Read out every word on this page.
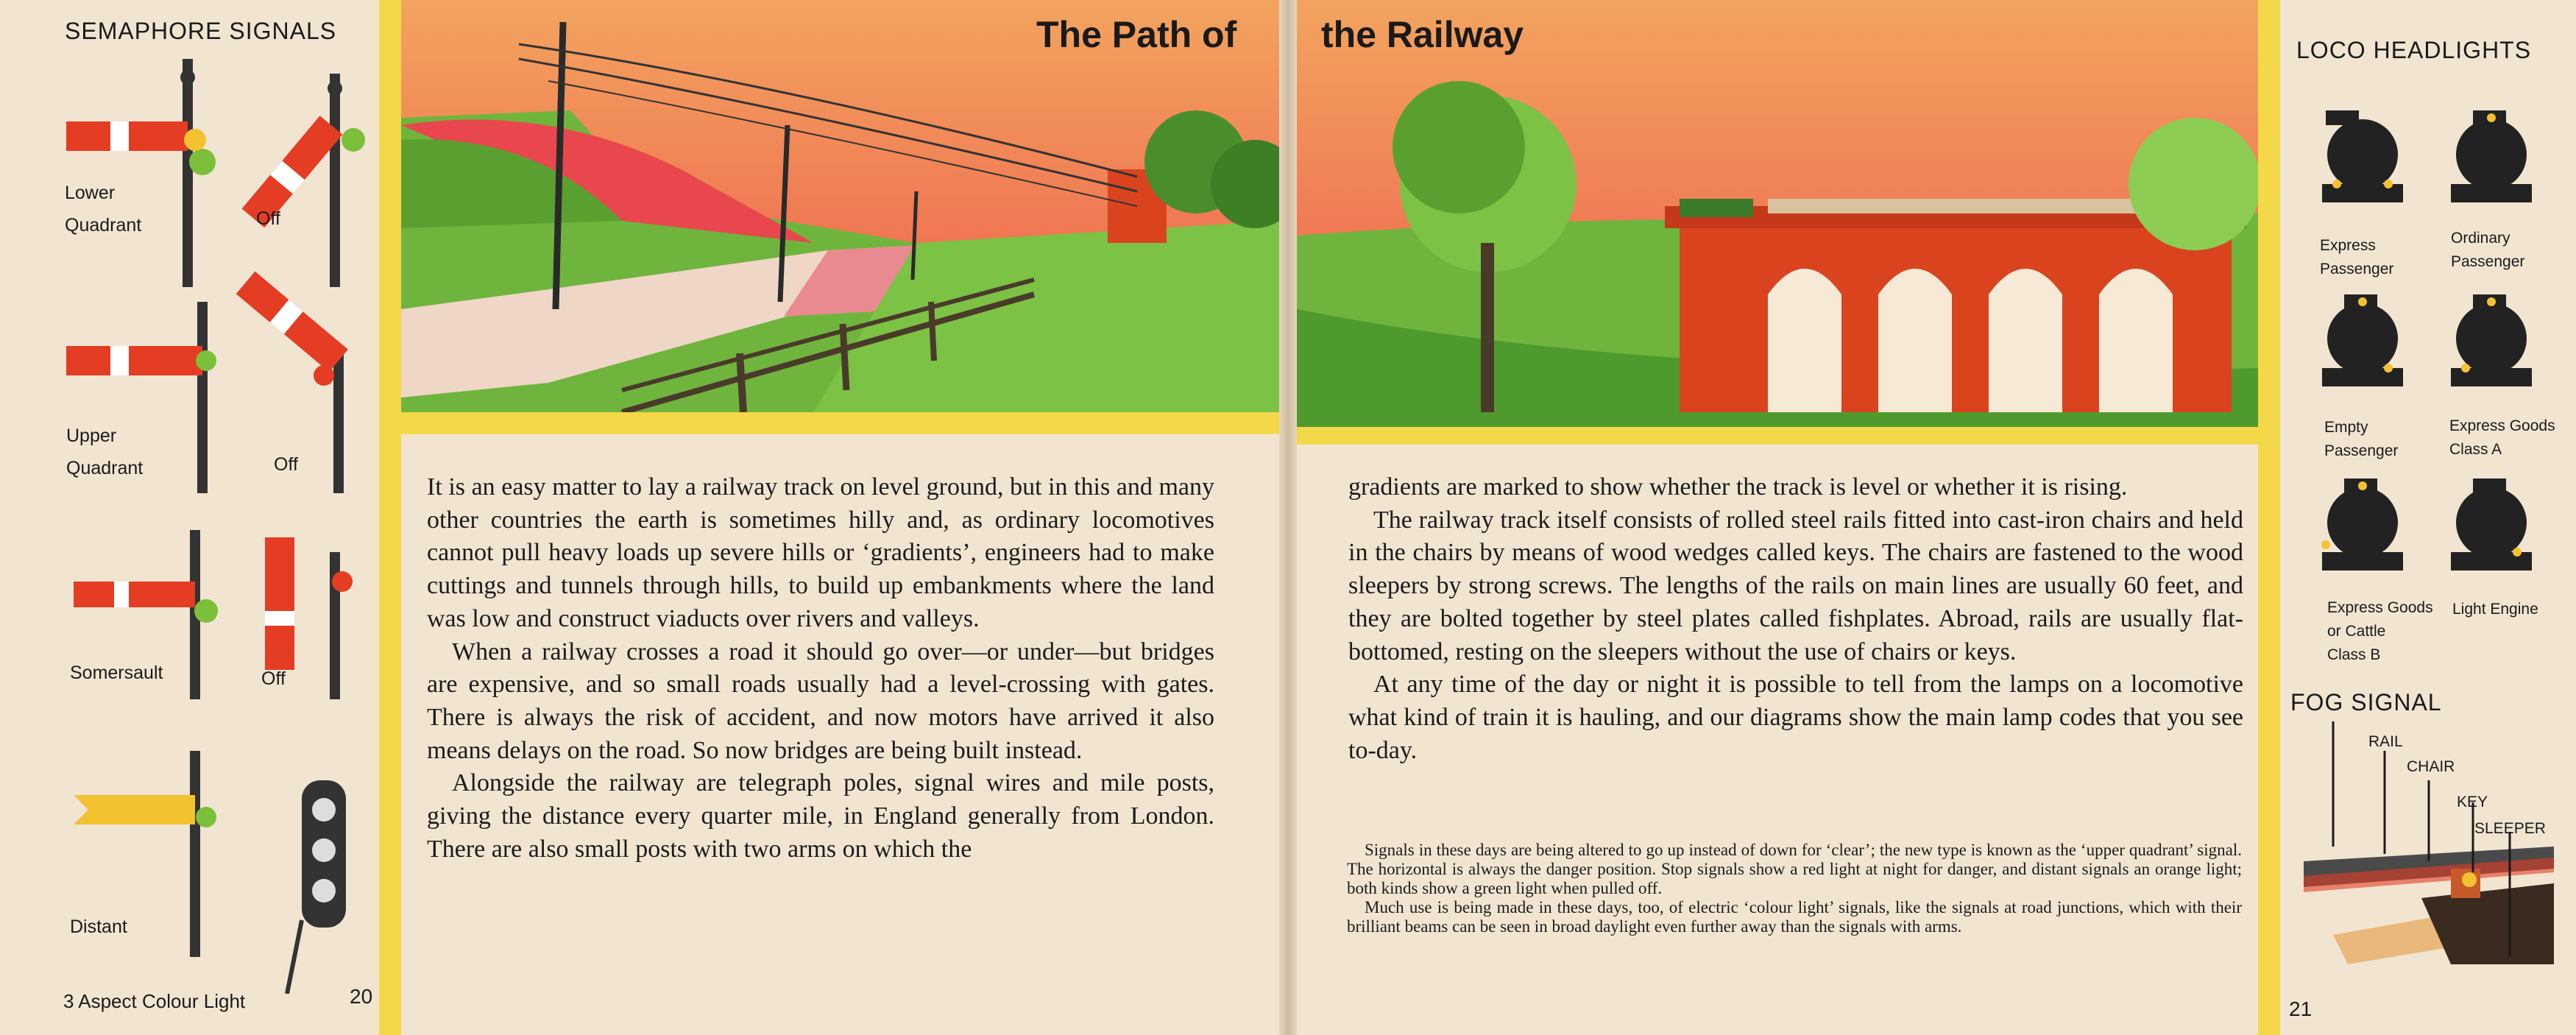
The Path of the Railway
SEMAPHORE SIGNALS
Lower
Quadrant	Off
Upper
Quadrant	Off
Somersault	Off
Distant
3 Aspect Colour Light	20

It is an easy matter to lay a railway track on level ground, but in this and many other countries the earth is sometimes hilly and, as ordinary locomotives cannot pull heavy loads up severe hills or ‘gradients’, engineers had to make cuttings and tunnels through hills, to build up embankments where the land was low and construct viaducts over rivers and valleys.

When a railway crosses a road it should go over—or under—but bridges are expensive, and so small roads usually had a level-crossing with gates. There is always the risk of accident, and now motors have arrived it also means delays on the road. So now bridges are being built instead.

Alongside the railway are telegraph poles, signal wires and mile posts, giving the distance every quarter mile, in England generally from London. There are also small posts with two arms on which the

gradients are marked to show whether the track is level or whether it is rising.

The railway track itself consists of rolled steel rails fitted into cast-iron chairs and held in the chairs by means of wood wedges called keys. The chairs are fastened to the wood sleepers by strong screws. The lengths of the rails on main lines are usually 60 feet, and they are bolted together by steel plates called fishplates. Abroad, rails are usually flat-bottomed, resting on the sleepers without the use of chairs or keys.

At any time of the day or night it is possible to tell from the lamps on a locomotive what kind of train it is hauling, and our diagrams show the main lamp codes that you see to-day.

Signals in these days are being altered to go up instead of down for ‘clear’; the new type is known as the ‘upper quadrant’ signal. The horizontal is always the danger position. Stop signals show a red light at night for danger, and distant signals an orange light; both kinds show a green light when pulled off.

Much use is being made in these days, too, of electric ‘colour light’ signals, like the signals at road junctions, which with their brilliant beams can be seen in broad daylight even further away than the signals with arms.

21
LOCO HEADLIGHTS
Express
Passenger
Ordinary
Passenger
Empty
Passenger
Express Goods
Class A
Express Goods
or Cattle
Class B
Light Engine
FOG SIGNAL
RAIL
CHAIR
KEY
SLEEPER
